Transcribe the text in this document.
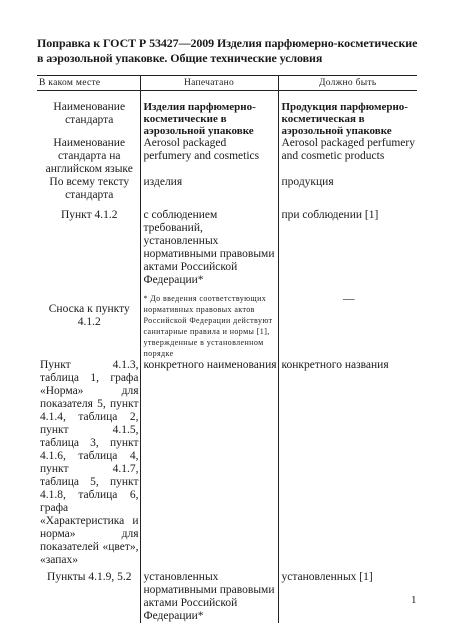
Поправка к ГОСТ Р 53427—2009 Изделия парфюмерно-косметические в аэрозольной упаковке. Общие технические условия
В каком месте	Напечатано	Должно быть
Наименование стандарта	Изделия парфюмерно-косметические в аэрозольной упаковке	Продукция парфюмерно-косметическая в аэрозольной упаковке
Наименование стандарта на английском языке	Aerosol packaged perfumery and cosmetics	Aerosol packaged perfumery and cosmetic products
По всему тексту стандарта	изделия	продукция
Пункт 4.1.2	с соблюдением требований, установленных нормативными правовыми актами Российской Федерации*	при соблюдении [1]
Сноска к пункту 4.1.2	* До введения соответствующих нормативных правовых актов Российской Федерации действуют санитарные правила и нормы [1], утвержденные в установленном порядке	—
Пункт 4.1.3, таблица 1, графа «Норма» для показателя 5, пункт 4.1.4, таблица 2, пункт 4.1.5, таблица 3, пункт 4.1.6, таблица 4, пункт 4.1.7, таблица 5, пункт 4.1.8, таблица 6, графа «Характеристика и норма» для показателей «цвет», «запах»	конкретного наименования	конкретного названия
Пункты 4.1.9, 5.2	установленных нормативными правовыми актами Российской Федерации*	установленных [1]
1
